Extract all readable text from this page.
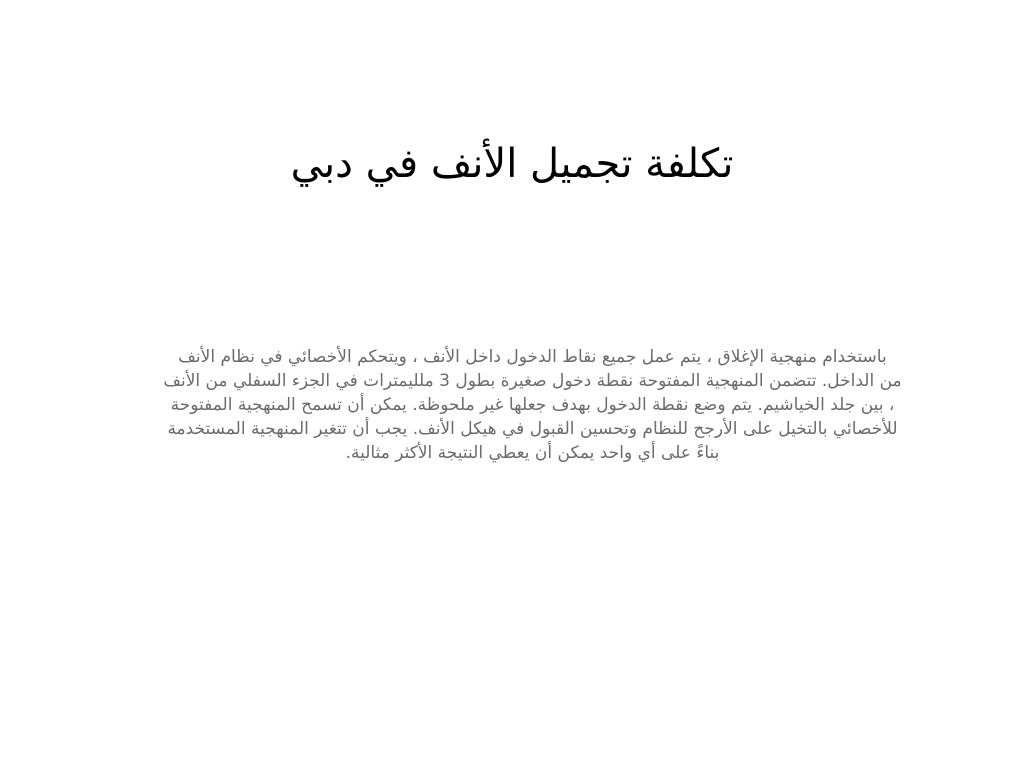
تكلفة تجميل الأنف في دبي
باستخدام منهجية الإغلاق ، يتم عمل جميع نقاط الدخول داخل الأنف ، ويتحكم الأخصائي في نظام الأنف
من الداخل. تتضمن المنهجية المفتوحة نقطة دخول صغيرة بطول 3 ملليمترات في الجزء السفلي من الأنف
، بين جلد الخياشيم. يتم وضع نقطة الدخول بهدف جعلها غير ملحوظة. يمكن أن تسمح المنهجية المفتوحة
للأخصائي بالتخيل على الأرجح للنظام وتحسين القبول في هيكل الأنف. يجب أن تتغير المنهجية المستخدمة
بناءً على أي واحد يمكن أن يعطي النتيجة الأكثر مثالية.
